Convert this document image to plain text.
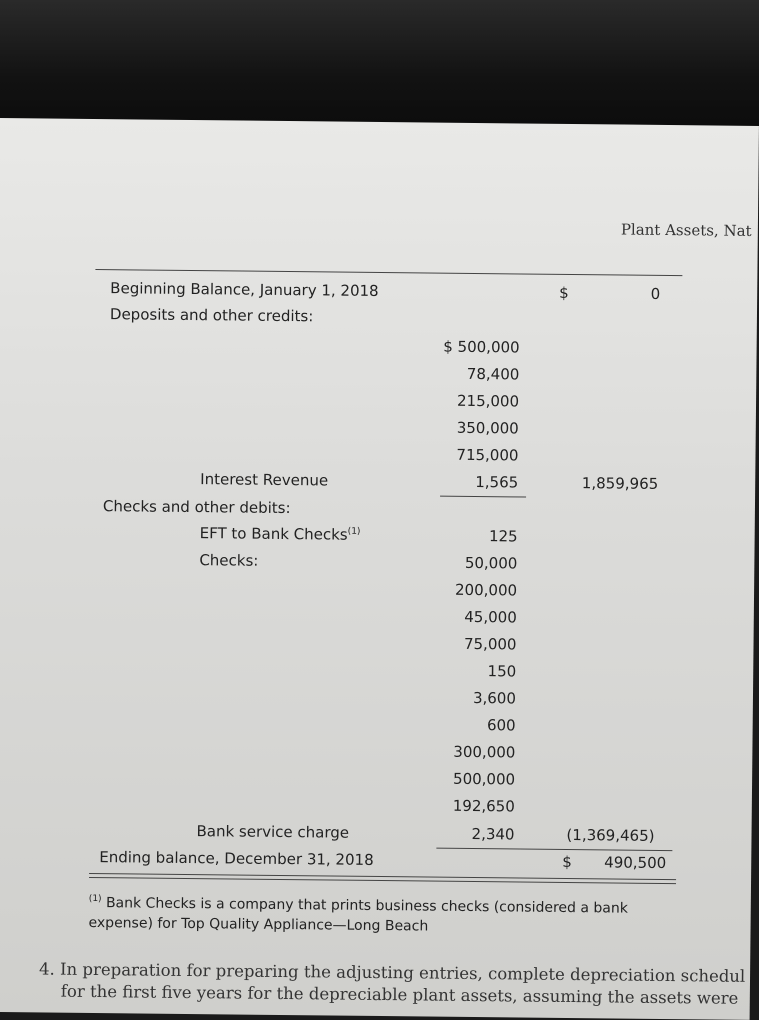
Plant Assets, Nat
Beginning Balance, January 1, 2018	$	0
Deposits and other credits:
$ 500,000
78,400
215,000
350,000
715,000
Interest Revenue	1,565	1,859,965
Checks and other debits:
EFT to Bank Checks$^{(1)}$	125
Checks:	50,000
200,000
45,000
75,000
150
3,600
600
300,000
500,000
192,650
Bank service charge	2,340	(1,369,465)
Ending balance, December 31, 2018	$	490,500
$^{(1)}$ Bank Checks is a company that prints business checks (considered a bank expense) for Top Quality Appliance—Long Beach
4. In preparation for preparing the adjusting entries, complete depreciation schedul
for the first five years for the depreciable plant assets, assuming the assets were
